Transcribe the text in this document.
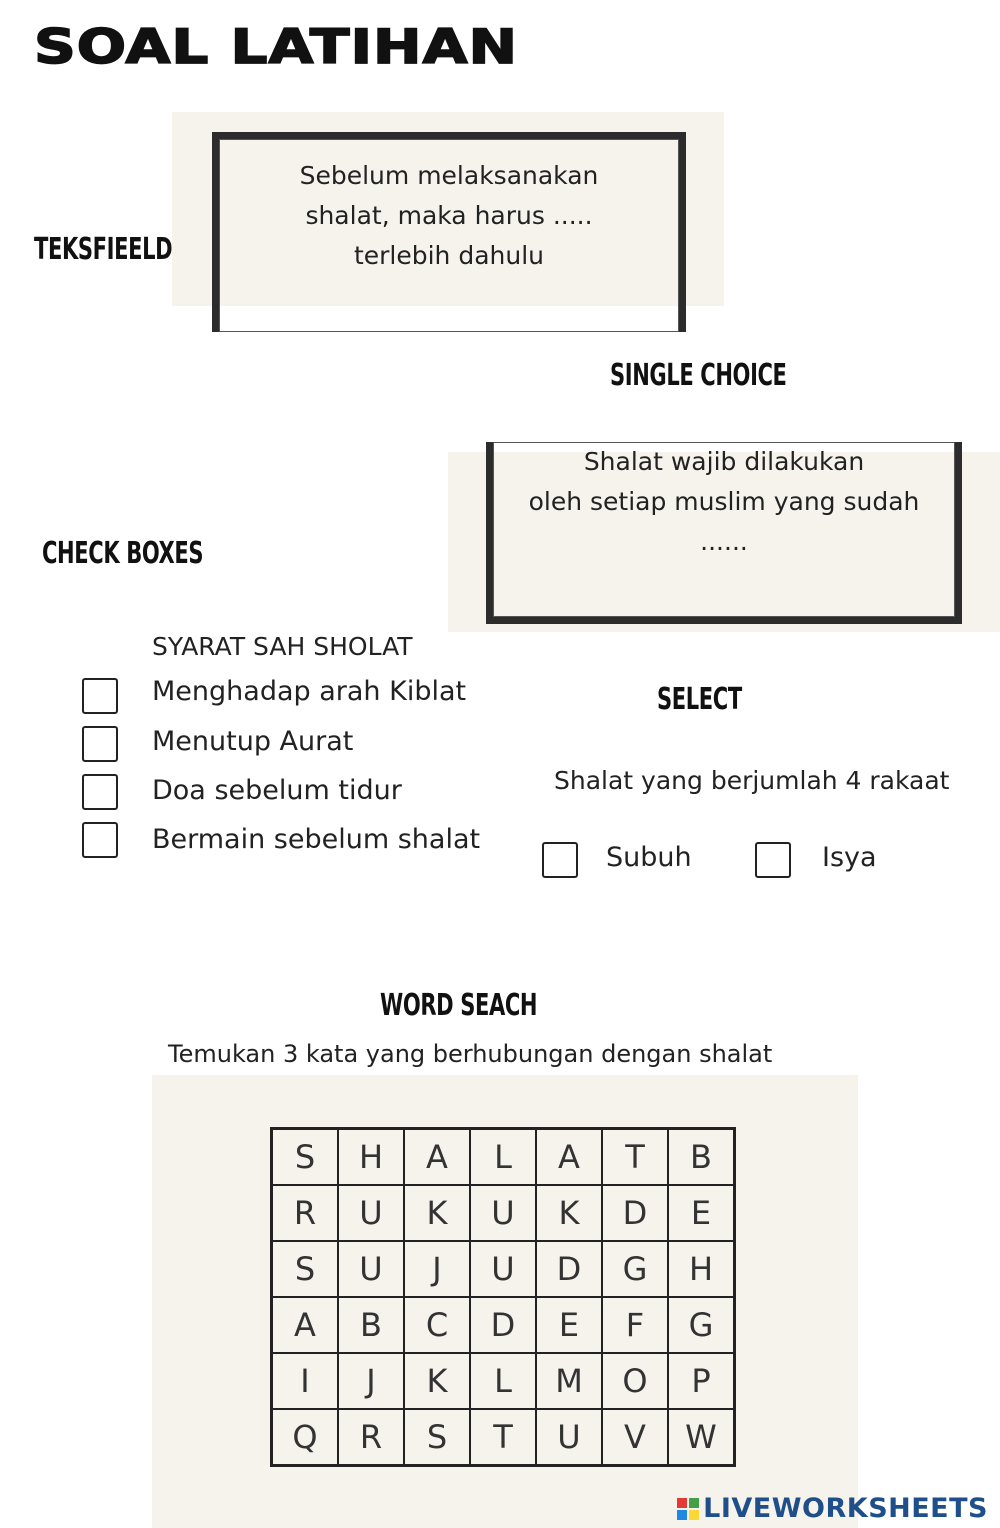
SOAL LATIHAN
TEKSFIEELD
Sebelum melaksanakan
shalat, maka harus .....
terlebih dahulu
SINGLE CHOICE
Shalat wajib dilakukan
oleh setiap muslim yang sudah
......
CHECK BOXES
SYARAT SAH SHOLAT
Menghadap arah Kiblat
Menutup Aurat
Doa sebelum tidur
Bermain sebelum shalat
SELECT
Shalat yang berjumlah 4 rakaat
Subuh	Isya
WORD SEACH
Temukan 3 kata yang berhubungan dengan shalat
S	H	A	L	A	T	B
R	U	K	U	K	D	E
S	U	J	U	D	G	H
A	B	C	D	E	F	G
I	J	K	L	M	O	P
Q	R	S	T	U	V	W
LIVEWORKSHEETS
